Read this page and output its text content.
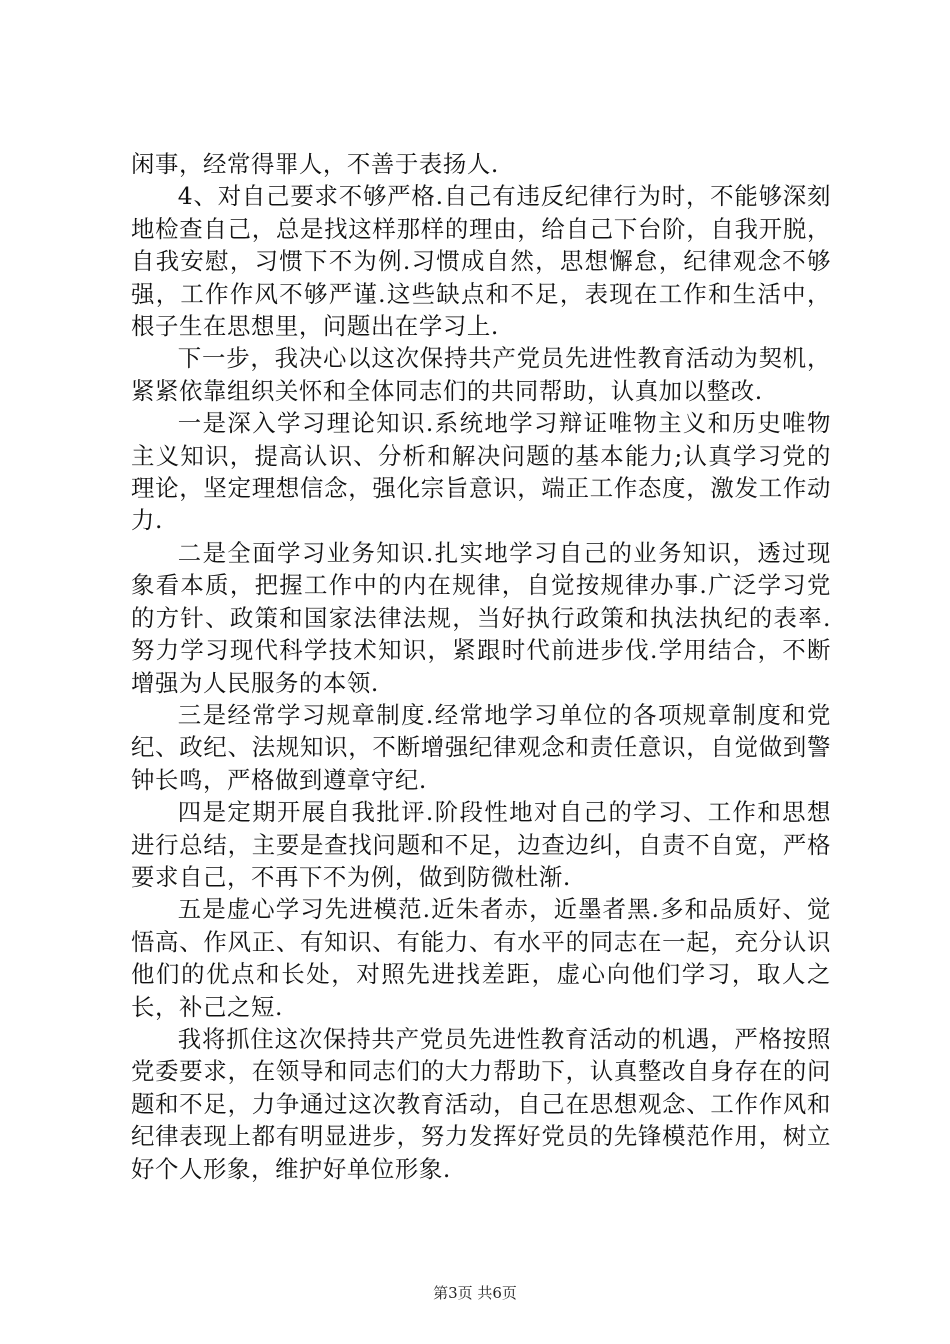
闲事，经常得罪人，不善于表扬人.

4、对自己要求不够严格.自己有违反纪律行为时，不能够深刻地检查自己，总是找这样那样的理由，给自己下台阶，自我开脱，自我安慰，习惯下不为例.习惯成自然，思想懈怠，纪律观念不够强，工作作风不够严谨.这些缺点和不足，表现在工作和生活中，根子生在思想里，问题出在学习上.

下一步，我决心以这次保持共产党员先进性教育活动为契机，紧紧依靠组织关怀和全体同志们的共同帮助，认真加以整改.

一是深入学习理论知识.系统地学习辩证唯物主义和历史唯物主义知识，提高认识、分析和解决问题的基本能力;认真学习党的理论，坚定理想信念，强化宗旨意识，端正工作态度，激发工作动力.

二是全面学习业务知识.扎实地学习自己的业务知识，透过现象看本质，把握工作中的内在规律，自觉按规律办事.广泛学习党的方针、政策和国家法律法规，当好执行政策和执法执纪的表率.努力学习现代科学技术知识，紧跟时代前进步伐.学用结合，不断增强为人民服务的本领.

三是经常学习规章制度.经常地学习单位的各项规章制度和党纪、政纪、法规知识，不断增强纪律观念和责任意识，自觉做到警钟长鸣，严格做到遵章守纪.

四是定期开展自我批评.阶段性地对自己的学习、工作和思想进行总结，主要是查找问题和不足，边查边纠，自责不自宽，严格要求自己，不再下不为例，做到防微杜渐.

五是虚心学习先进模范.近朱者赤，近墨者黑.多和品质好、觉悟高、作风正、有知识、有能力、有水平的同志在一起，充分认识他们的优点和长处，对照先进找差距，虚心向他们学习，取人之长，补己之短.

我将抓住这次保持共产党员先进性教育活动的机遇，严格按照党委要求，在领导和同志们的大力帮助下，认真整改自身存在的问题和不足，力争通过这次教育活动，自己在思想观念、工作作风和纪律表现上都有明显进步，努力发挥好党员的先锋模范作用，树立好个人形象，维护好单位形象.

第3页 共6页
